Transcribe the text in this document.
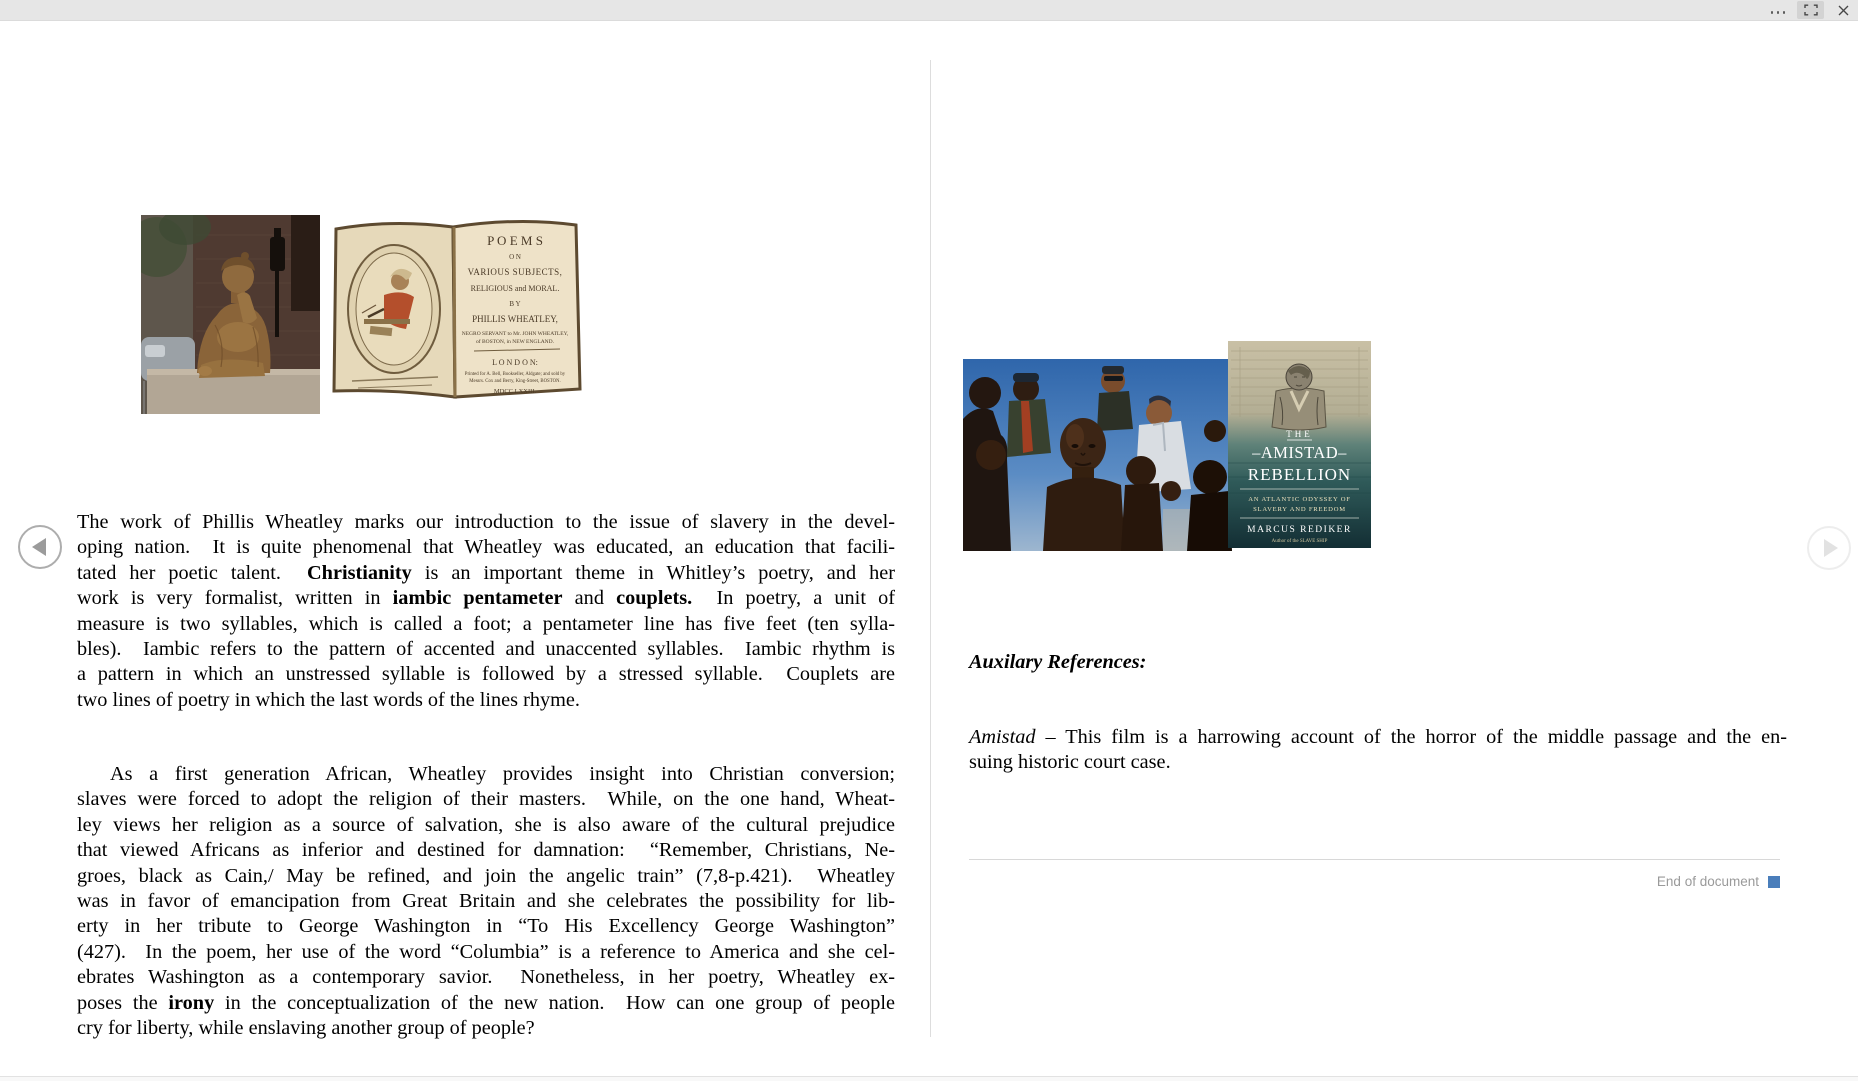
P O E M S
O N
VARIOUS SUBJECTS,
RELIGIOUS and MORAL.
B Y
PHILLIS WHEATLEY,
NEGRO SERVANT to Mr. JOHN WHEATLEY,
of BOSTON, in NEW ENGLAND.
L O N D O N:
Printed for A. Bell, Bookseller, Aldgate; and sold by
Messrs. Cox and Berry, King-Street, BOSTON.
MDCC LXXIII.
THE
–AMISTAD–
REBELLION
AN ATLANTIC ODYSSEY OF
SLAVERY AND FREEDOM
MARCUS REDIKER
Author of the SLAVE SHIP
The work of Phillis Wheatley marks our introduction to the issue of slavery in the devel-
oping nation.  It is quite phenomenal that Wheatley was educated, an education that facili-
tated her poetic talent.  Christianity is an important theme in Whitley’s poetry, and her
work is very formalist, written in iambic pentameter and couplets.  In poetry, a unit of
measure is two syllables, which is called a foot; a pentameter line has five feet (ten sylla-
bles).  Iambic refers to the pattern of accented and unaccented syllables.  Iambic rhythm is
a pattern in which an unstressed syllable is followed by a stressed syllable.  Couplets are
two lines of poetry in which the last words of the lines rhyme.
As a first generation African, Wheatley provides insight into Christian conversion;
slaves were forced to adopt the religion of their masters.  While, on the one hand, Wheat-
ley views her religion as a source of salvation, she is also aware of the cultural prejudice
that viewed Africans as inferior and destined for damnation:  “Remember, Christians, Ne-
groes, black as Cain,/ May be refined, and join the angelic train” (7,8-p.421).  Wheatley
was in favor of emancipation from Great Britain and she celebrates the possibility for lib-
erty in her tribute to George Washington in “To His Excellency George Washington”
(427).  In the poem, her use of the word “Columbia” is a reference to America and she cel-
ebrates Washington as a contemporary savior.  Nonetheless, in her poetry, Wheatley ex-
poses the irony in the conceptualization of the new nation.  How can one group of people
cry for liberty, while enslaving another group of people?
Auxilary References:
Amistad – This film is a harrowing account of the horror of the middle passage and the en-
suing historic court case.
End of document
